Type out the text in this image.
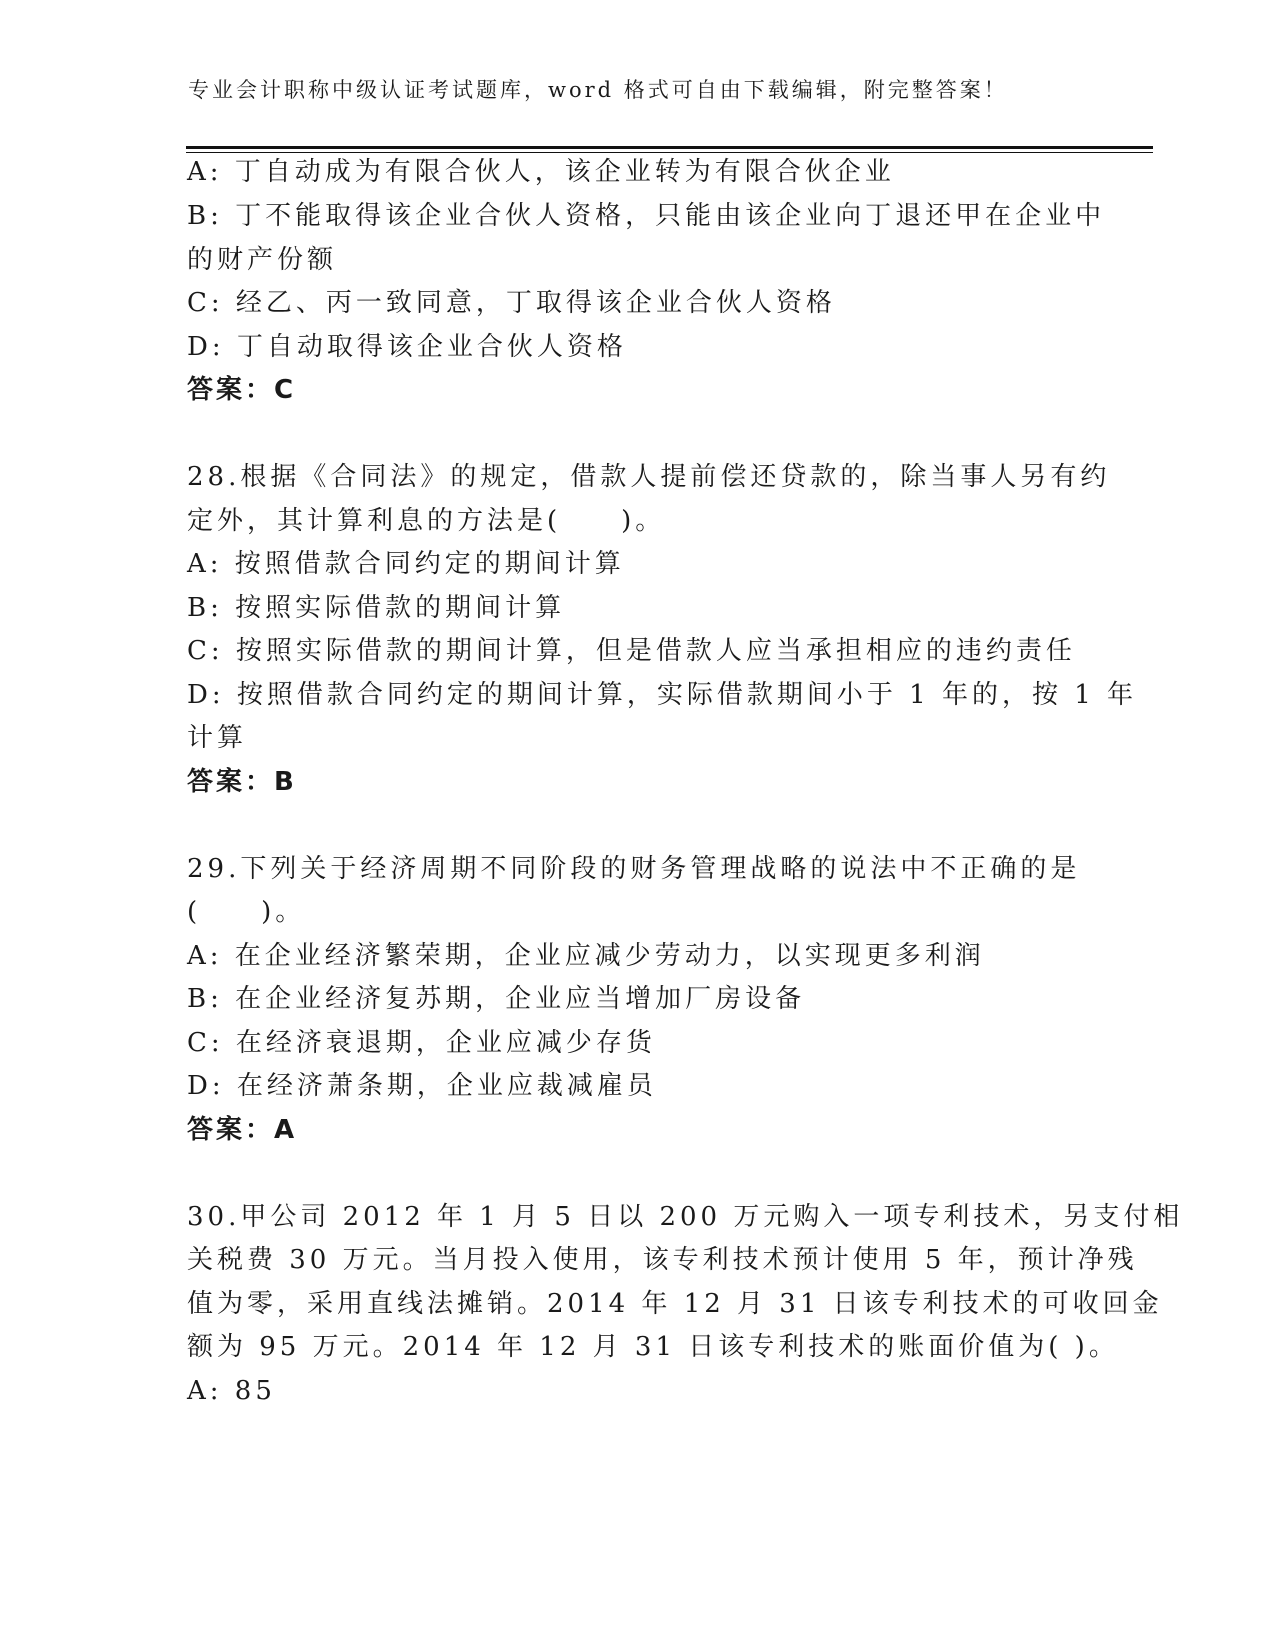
专业会计职称中级认证考试题库，word 格式可自由下载编辑，附完整答案！
A: 丁自动成为有限合伙人，该企业转为有限合伙企业
B: 丁不能取得该企业合伙人资格，只能由该企业向丁退还甲在企业中
的财产份额
C: 经乙、丙一致同意，丁取得该企业合伙人资格
D: 丁自动取得该企业合伙人资格
答案：C
28.根据《合同法》的规定，借款人提前偿还贷款的，除当事人另有约
定外，其计算利息的方法是(　　)。
A: 按照借款合同约定的期间计算
B: 按照实际借款的期间计算
C: 按照实际借款的期间计算，但是借款人应当承担相应的违约责任
D: 按照借款合同约定的期间计算，实际借款期间小于 1 年的，按 1 年
计算
答案：B
29.下列关于经济周期不同阶段的财务管理战略的说法中不正确的是
(　　)。
A: 在企业经济繁荣期，企业应减少劳动力，以实现更多利润
B: 在企业经济复苏期，企业应当增加厂房设备
C: 在经济衰退期，企业应减少存货
D: 在经济萧条期，企业应裁减雇员
答案：A
30.甲公司 2012 年 1 月 5 日以 200 万元购入一项专利技术，另支付相
关税费 30 万元。当月投入使用，该专利技术预计使用 5 年，预计净残
值为零，采用直线法摊销。2014 年 12 月 31 日该专利技术的可收回金
额为 95 万元。2014 年 12 月 31 日该专利技术的账面价值为( )。
A: 85
